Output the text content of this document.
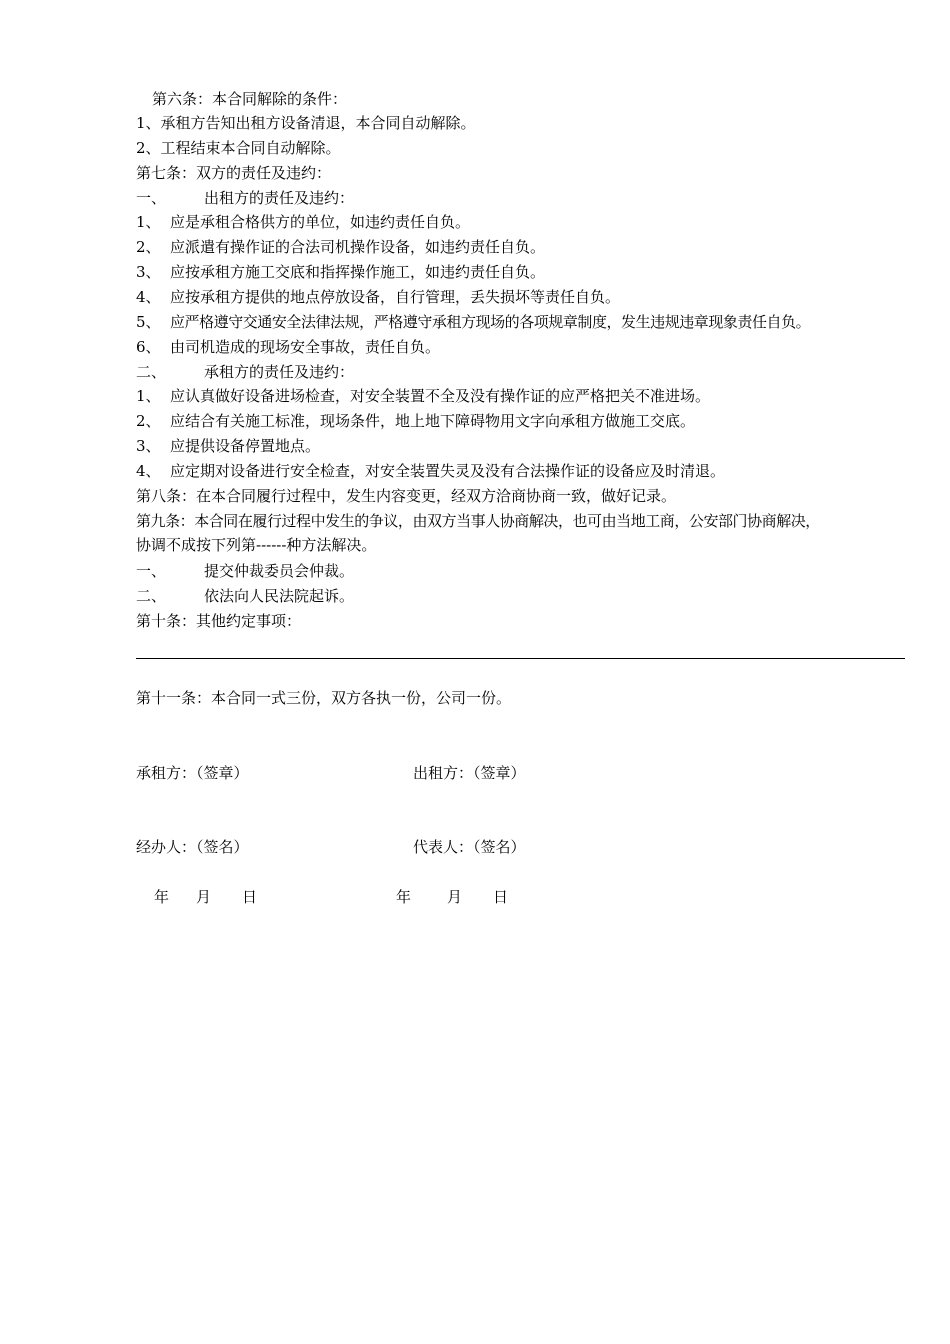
第六条：本合同解除的条件：
1、承租方告知出租方设备清退，本合同自动解除。
2、工程结束本合同自动解除。
第七条：双方的责任及违约：
一、	出租方的责任及违约：
1、 应是承租合格供方的单位，如违约责任自负。
2、 应派遣有操作证的合法司机操作设备，如违约责任自负。
3、 应按承租方施工交底和指挥操作施工，如违约责任自负。
4、 应按承租方提供的地点停放设备，自行管理，丢失损坏等责任自负。
5、 应严格遵守交通安全法律法规，严格遵守承租方现场的各项规章制度，发生违规违章现象责任自负。
6、 由司机造成的现场安全事故，责任自负。
二、	承租方的责任及违约：
1、 应认真做好设备进场检查，对安全装置不全及没有操作证的应严格把关不准进场。
2、 应结合有关施工标准，现场条件，地上地下障碍物用文字向承租方做施工交底。
3、 应提供设备停置地点。
4、 应定期对设备进行安全检查，对安全装置失灵及没有合法操作证的设备应及时清退。
第八条：在本合同履行过程中，发生内容变更，经双方洽商协商一致，做好记录。
第九条：本合同在履行过程中发生的争议，由双方当事人协商解决，也可由当地工商，公安部门协商解决，
协调不成按下列第------种方法解决。
一、	提交仲裁委员会仲裁。
二、	依法向人民法院起诉。
第十条：其他约定事项：
第十一条：本合同一式三份，双方各执一份，公司一份。
承租方：（签章）	出租方：（签章）
经办人：（签名）	代表人：（签名）
年 月 日	年 月 日
